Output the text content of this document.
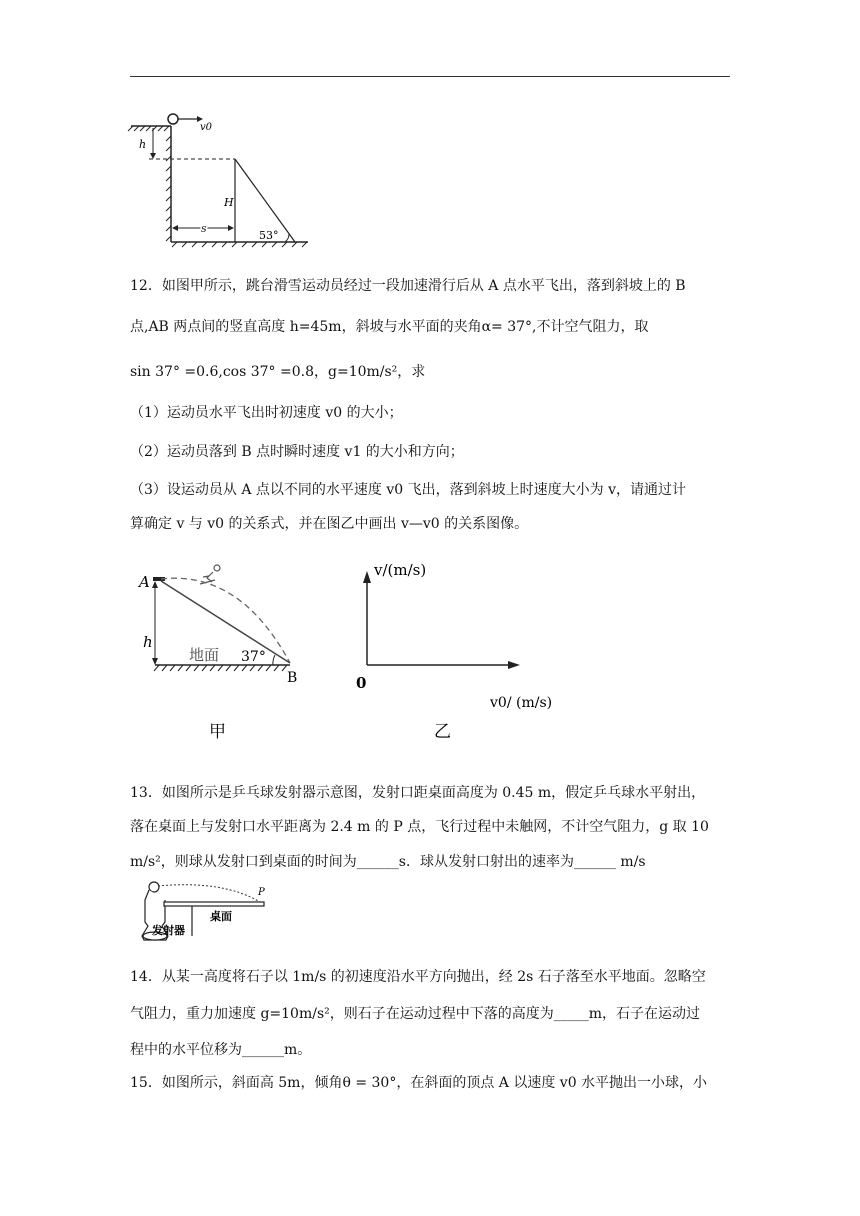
v0
h
H
s
53°
12．如图甲所示，跳台滑雪运动员经过一段加速滑行后从 A 点水平飞出，落到斜坡上的 B
点,AB 两点间的竖直高度 h=45m，斜坡与水平面的夹角α= 37°,不计空气阻力，取
sin 37° =0.6,cos 37° =0.8，g=10m/s²，求
（1）运动员水平飞出时初速度 v0 的大小；
（2）运动员落到 B 点时瞬时速度 v1 的大小和方向；
（3）设运动员从 A 点以不同的水平速度 v0 飞出，落到斜坡上时速度大小为 v，请通过计
算确定 v 与 v0 的关系式，并在图乙中画出 v—v0 的关系图像。
A
h
地面 37°
B
甲
v/(m/s)
0
v0/ (m/s)
乙
13．如图所示是乒乓球发射器示意图，发射口距桌面高度为 0.45 m，假定乒乓球水平射出，
落在桌面上与发射口水平距离为 2.4 m 的 P 点，飞行过程中未触网，不计空气阻力，g 取 10
m/s²，则球从发射口到桌面的时间为______s．球从发射口射出的速率为______ m/s
P
桌面
发射器
14．从某一高度将石子以 1m/s 的初速度沿水平方向抛出，经 2s 石子落至水平地面。忽略空
气阻力，重力加速度 g=10m/s²，则石子在运动过程中下落的高度为_____m，石子在运动过
程中的水平位移为______m。
15．如图所示，斜面高 5m，倾角θ = 30°，在斜面的顶点 A 以速度 v0 水平抛出一小球，小
